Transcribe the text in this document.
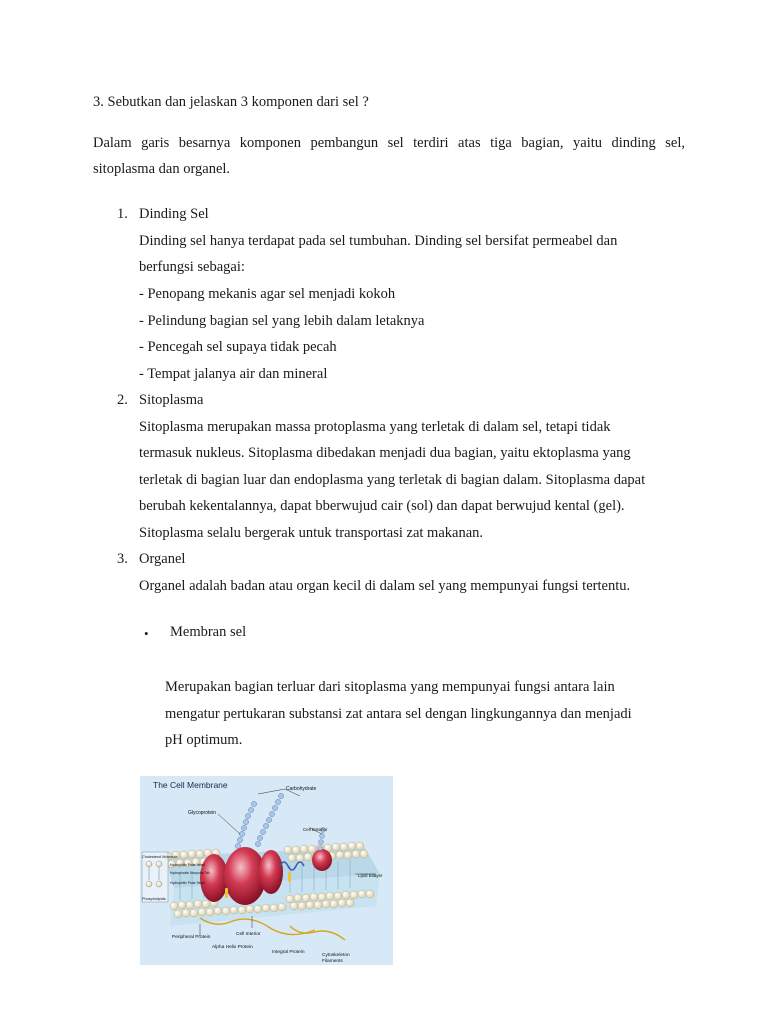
3. Sebutkan dan jelaskan 3 komponen dari sel ?
Dalam garis besarnya komponen pembangun sel terdiri atas tiga bagian, yaitu dinding sel,
sitoplasma dan organel.
1. Dinding Sel
Dinding sel hanya terdapat pada sel tumbuhan. Dinding sel bersifat permeabel dan
berfungsi sebagai:
- Penopang mekanis agar sel menjadi kokoh
- Pelindung bagian sel yang lebih dalam letaknya
- Pencegah sel supaya tidak pecah
- Tempat jalanya air dan mineral
2. Sitoplasma
Sitoplasma merupakan massa protoplasma yang terletak di dalam sel, tetapi tidak
termasuk nukleus. Sitoplasma dibedakan menjadi dua bagian, yaitu ektoplasma yang
terletak di bagian luar dan endoplasma yang terletak di bagian dalam. Sitoplasma dapat
berubah kekentalannya, dapat bberwujud cair (sol) dan dapat berwujud kental (gel).
Sitoplasma selalu bergerak untuk transportasi zat makanan.
3. Organel
Organel adalah badan atau organ kecil di dalam sel yang mempunyai fungsi tertentu.
• Membran sel
Merupakan bagian terluar dari sitoplasma yang mempunyai fungsi antara lain
mengatur pertukaran substansi zat antara sel dengan lingkungannya dan menjadi
pH optimum.
The Cell Membrane	Carbohydrate
Glycoprotein
Cell Exterior
Cholesterol Molecule
Hydrophilic Polar Head
Hydrophobic Nonpolar Tail
Hydrophilic Polar Head
Phospholipids
Lipid Bilayer
Peripheral Protein
Cell Interior
Alpha Helix Protein
Integral Protein
Cytoskeleton
Filaments
